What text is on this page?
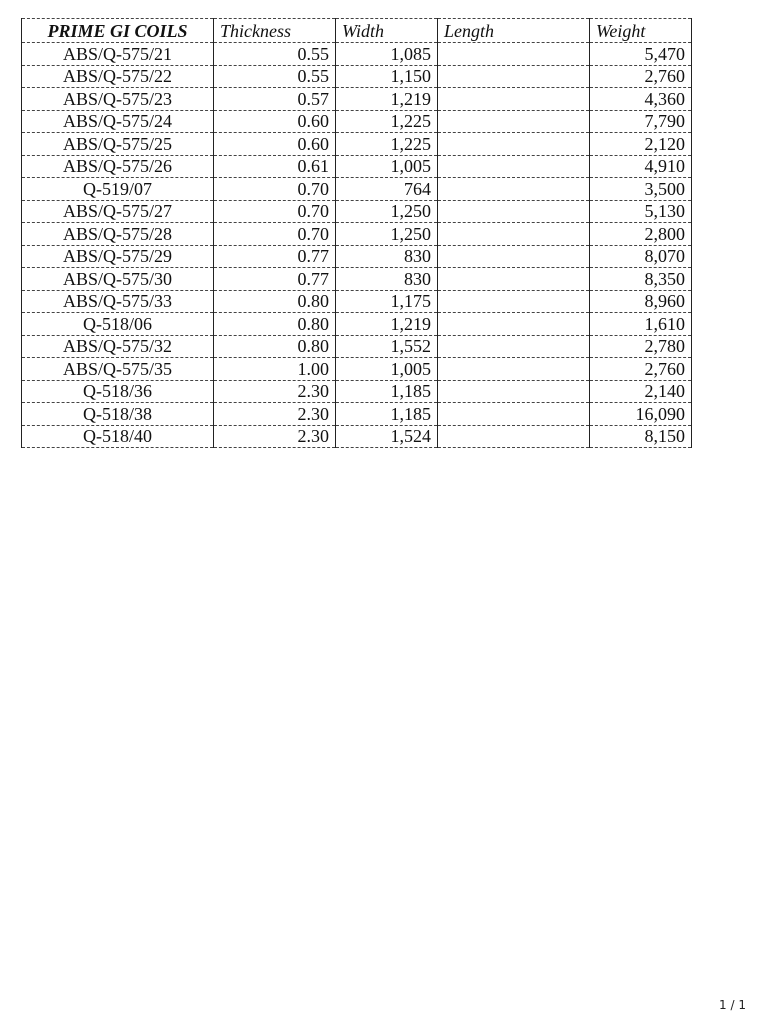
PRIME GI COILS	Thickness	Width	Length	Weight
ABS/Q-575/21	0.55	1,085		5,470
ABS/Q-575/22	0.55	1,150		2,760
ABS/Q-575/23	0.57	1,219		4,360
ABS/Q-575/24	0.60	1,225		7,790
ABS/Q-575/25	0.60	1,225		2,120
ABS/Q-575/26	0.61	1,005		4,910
Q-519/07	0.70	764		3,500
ABS/Q-575/27	0.70	1,250		5,130
ABS/Q-575/28	0.70	1,250		2,800
ABS/Q-575/29	0.77	830		8,070
ABS/Q-575/30	0.77	830		8,350
ABS/Q-575/33	0.80	1,175		8,960
Q-518/06	0.80	1,219		1,610
ABS/Q-575/32	0.80	1,552		2,780
ABS/Q-575/35	1.00	1,005		2,760
Q-518/36	2.30	1,185		2,140
Q-518/38	2.30	1,185		16,090
Q-518/40	2.30	1,524		8,150
1 / 1
